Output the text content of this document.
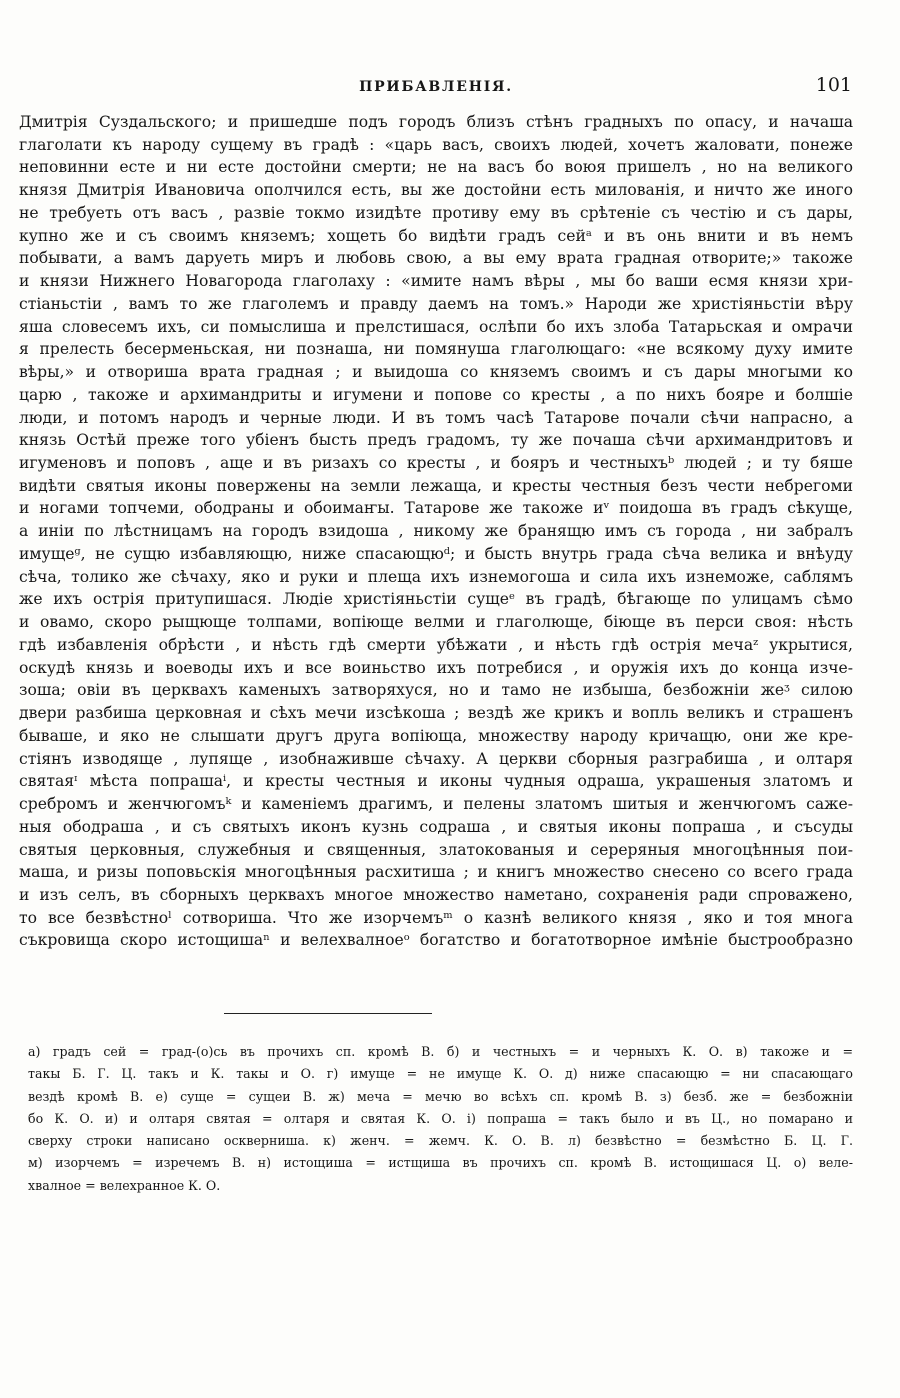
ПРИБАВЛЕНІЯ.	101
Дмитрія Суздальского; и пришедше подъ городъ близъ стѣнъ градныхъ по опасу, и начаша
глаголати къ народу сущему въ градѣ : «царь васъ, своихъ людей, хочетъ жаловати, понеже
неповинни есте и ни есте достойни смерти; не на васъ бо воюя пришелъ , но на великого
князя Дмитрія Ивановича ополчился есть, вы же достойни есть милованія, и ничто же иного
не требуеть отъ васъ , развіе токмо изидѣте противу ему въ срѣтеніе съ честію и съ дары,
купно же и съ своимъ княземъ; хощеть бо видѣти градъ сейᵃ и въ онь внити и въ немъ
побывати, а вамъ даруеть миръ и любовь свою, а вы ему врата градная отворите;» такоже
и князи Нижнего Новагорода глаголаху : «имите намъ вѣры , мы бо ваши есмя князи хри-
стіаньстіи , вамъ то же глаголемъ и правду даемъ на томъ.» Народи же христіяньстіи вѣру
яша словесемъ ихъ, си помыслиша и прелстишася, ослѣпи бо ихъ злоба Татарьская и омрачи
я прелесть бесерменьская, ни познаша, ни помянуша глаголющаго: «не всякому духу имите
вѣры,» и отвориша врата градная ; и выидоша со княземъ своимъ и съ дары многыми ко
царю , такоже и архимандриты и игумени и попове со кресты , а по нихъ бояре и болшіе
люди, и потомъ народъ и черные люди. И въ томъ часѣ Татарове почали сѣчи напрасно, а
князь Остѣй преже того убіенъ бысть предъ градомъ, ту же почаша сѣчи архимандритовъ и
игуменовъ и поповъ , аще и въ ризахъ со кресты , и бояръ и честныхъᵇ людей ; и ту бяше
видѣти святыя иконы повержены на земли лежаща, и кресты честныя безъ чести небрегоми
и ногами топчеми, ободраны и обоимаҥы. Татарове же такоже иᵛ поидоша въ градъ сѣкуще,
а иніи по лѣстницамъ на городъ взидоша , никому же бранящю имъ съ города , ни забралъ
имущеᵍ, не сущю избавляющю, ниже спасающюᵈ; и бысть внутрь града сѣча велика и внѣуду
сѣча, толико же сѣчаху, яко и руки и плеща ихъ изнемогоша и сила ихъ изнеможе, саблямъ
же ихъ острія притупишася. Людіе христіяньстіи сущеᵉ въ градѣ, бѣгающе по улицамъ сѣмо
и овамо, скоро рыщюще толпами, вопіюще велми и глаголюще, біюще въ перси своя: нѣсть
гдѣ избавленія обрѣсти , и нѣсть гдѣ смерти убѣжати , и нѣсть гдѣ острія мечаᶻ укрытися,
оскудѣ князь и воеводы ихъ и все воиньство ихъ потребися , и оружія ихъ до конца изче-
зоша; овіи въ церквахъ каменыхъ затворяхуся, но и тамо не избыша, безбожніи жеᶾ силою
двери разбиша церковная и сѣхъ мечи изсѣкоша ; вездѣ же крикъ и вопль великъ и страшенъ
бываше, и яко не слышати другъ друга вопіюща, множеству народу кричащю, они же кре-
стіянъ изводяще , лупяще , изобнаживше сѣчаху. А церкви сборныя разграбиша , и олтаря
святаяᶦ мѣста попрашаⁱ, и кресты честныя и иконы чудныя одраша, украшеныя златомъ и
сребромъ и женчюгомъᵏ и каменіемъ драгимъ, и пелены златомъ шитыя и женчюгомъ саже-
ныя ободраша , и съ святыхъ иконъ кузнь содраша , и святыя иконы попраша , и съсуды
святыя церковныя, служебныя и священныя, златокованыя и сереряныя многоцѣнныя пои-
маша, и ризы поповьскія многоцѣнныя расхитиша ; и книгъ множество снесено со всего града
и изъ селъ, въ сборныхъ церквахъ многое множество наметано, сохраненія ради спроважено,
то все безвѣстноˡ сотвориша. Что же изорчемъᵐ о казнѣ великого князя , яко и тоя многа
съкровища скоро истощишаⁿ и велехвалноеᵒ богатство и богатотворное имѣніе быстрообразно
а) градъ сей = град-(о)сь въ прочихъ сп. кромѣ В. б) и честныхъ = и черныхъ К. О. в) такоже и =
такы Б. Г. Ц. такъ и К. такы и О. г) имуще = не имуще К. О. д) ниже спасающю = ни спасающаго
вездѣ кромѣ В. е) суще = сущеи В. ж) меча = мечю во всѣхъ сп. кромѣ В. з) безб. же = безбожніи
бо К. О. и) и олтаря святая = олтаря и святая К. О. і) попраша = такъ было и въ Ц., но помарано и
сверху строки написано осквернишa. к) женч. = жемч. К. О. В. л) безвѣстно = безмѣстно Б. Ц. Г.
м) изорчемъ = изречемъ В. н) истощиша = истщиша въ прочихъ сп. кромѣ В. истощишася Ц. о) веле-
хвалное = велехранное К. О.
